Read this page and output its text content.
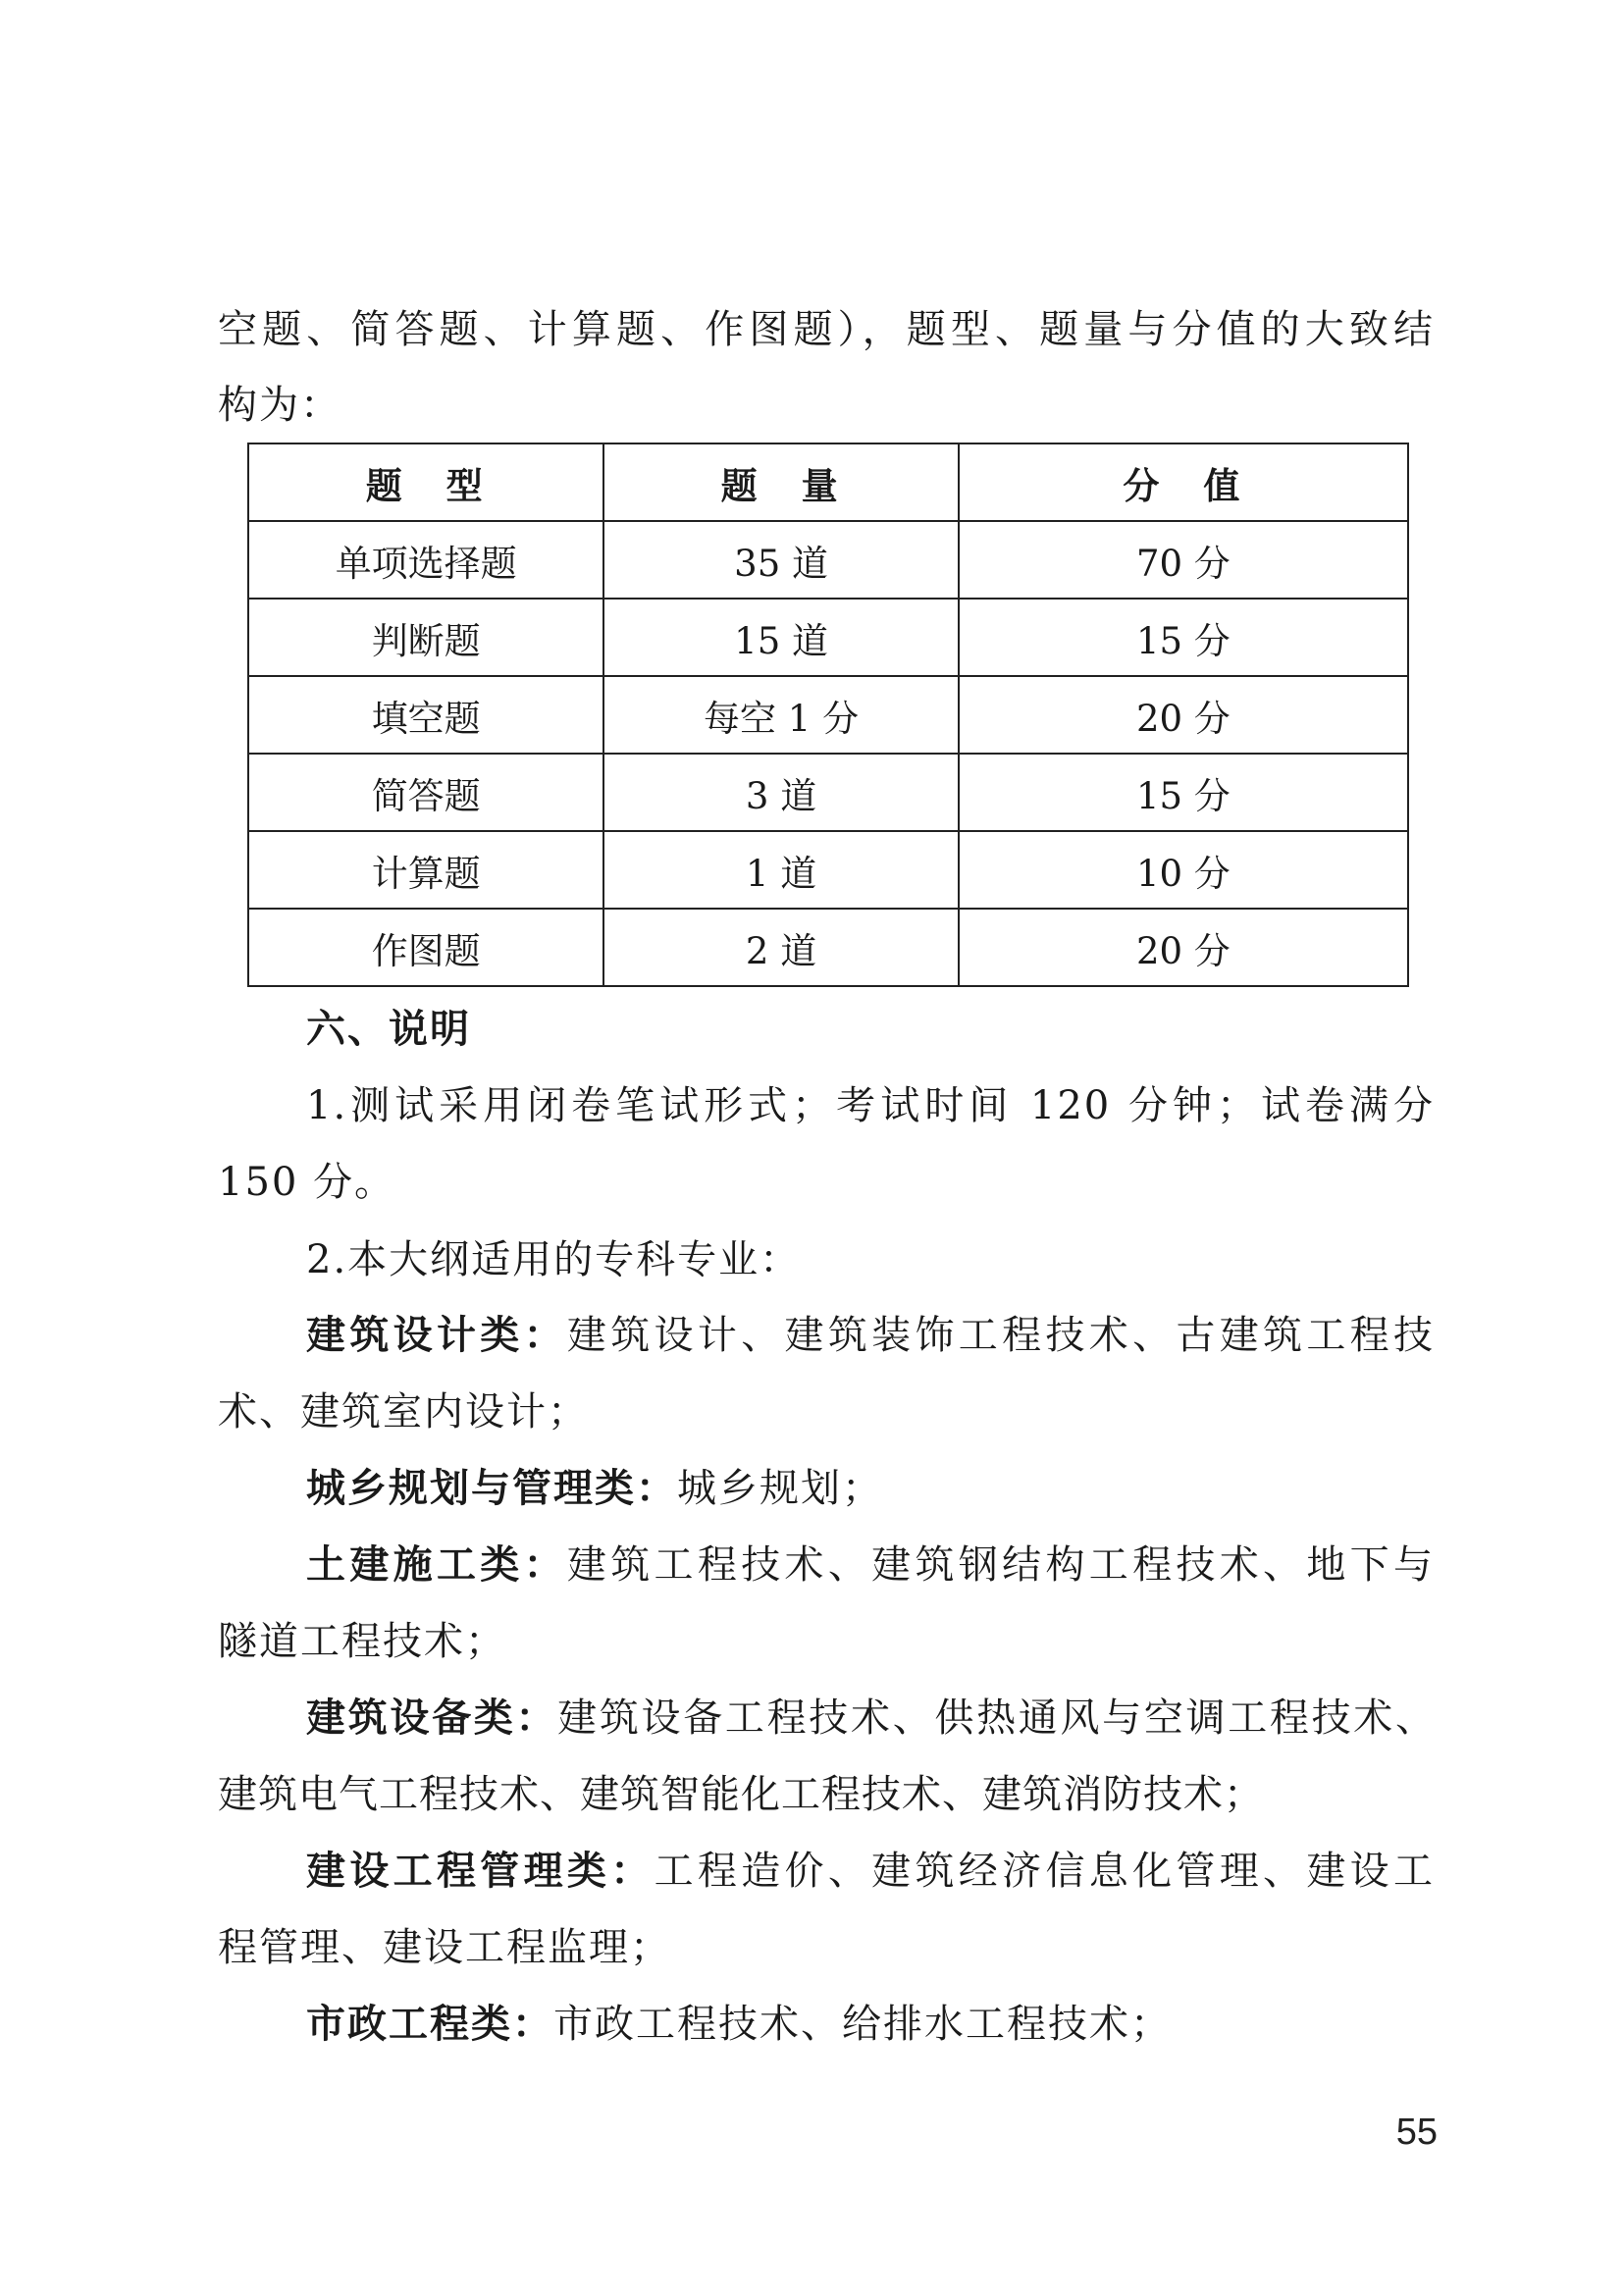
空题、简答题、计算题、作图题），题型、题量与分值的大致结
构为：
题　型	题　量	分　值
单项选择题	35 道	70 分
判断题	15 道	15 分
填空题	每空 1 分	20 分
简答题	3 道	15 分
计算题	1 道	10 分
作图题	2 道	20 分
六、说明
1.测试采用闭卷笔试形式；考试时间 120 分钟；试卷满分
150 分。
2.本大纲适用的专科专业：
建筑设计类：建筑设计、建筑装饰工程技术、古建筑工程技
术、建筑室内设计；
城乡规划与管理类：城乡规划；
土建施工类：建筑工程技术、建筑钢结构工程技术、地下与
隧道工程技术；
建筑设备类：建筑设备工程技术、供热通风与空调工程技术、
建筑电气工程技术、建筑智能化工程技术、建筑消防技术；
建设工程管理类：工程造价、建筑经济信息化管理、建设工
程管理、建设工程监理；
市政工程类：市政工程技术、给排水工程技术；
55
